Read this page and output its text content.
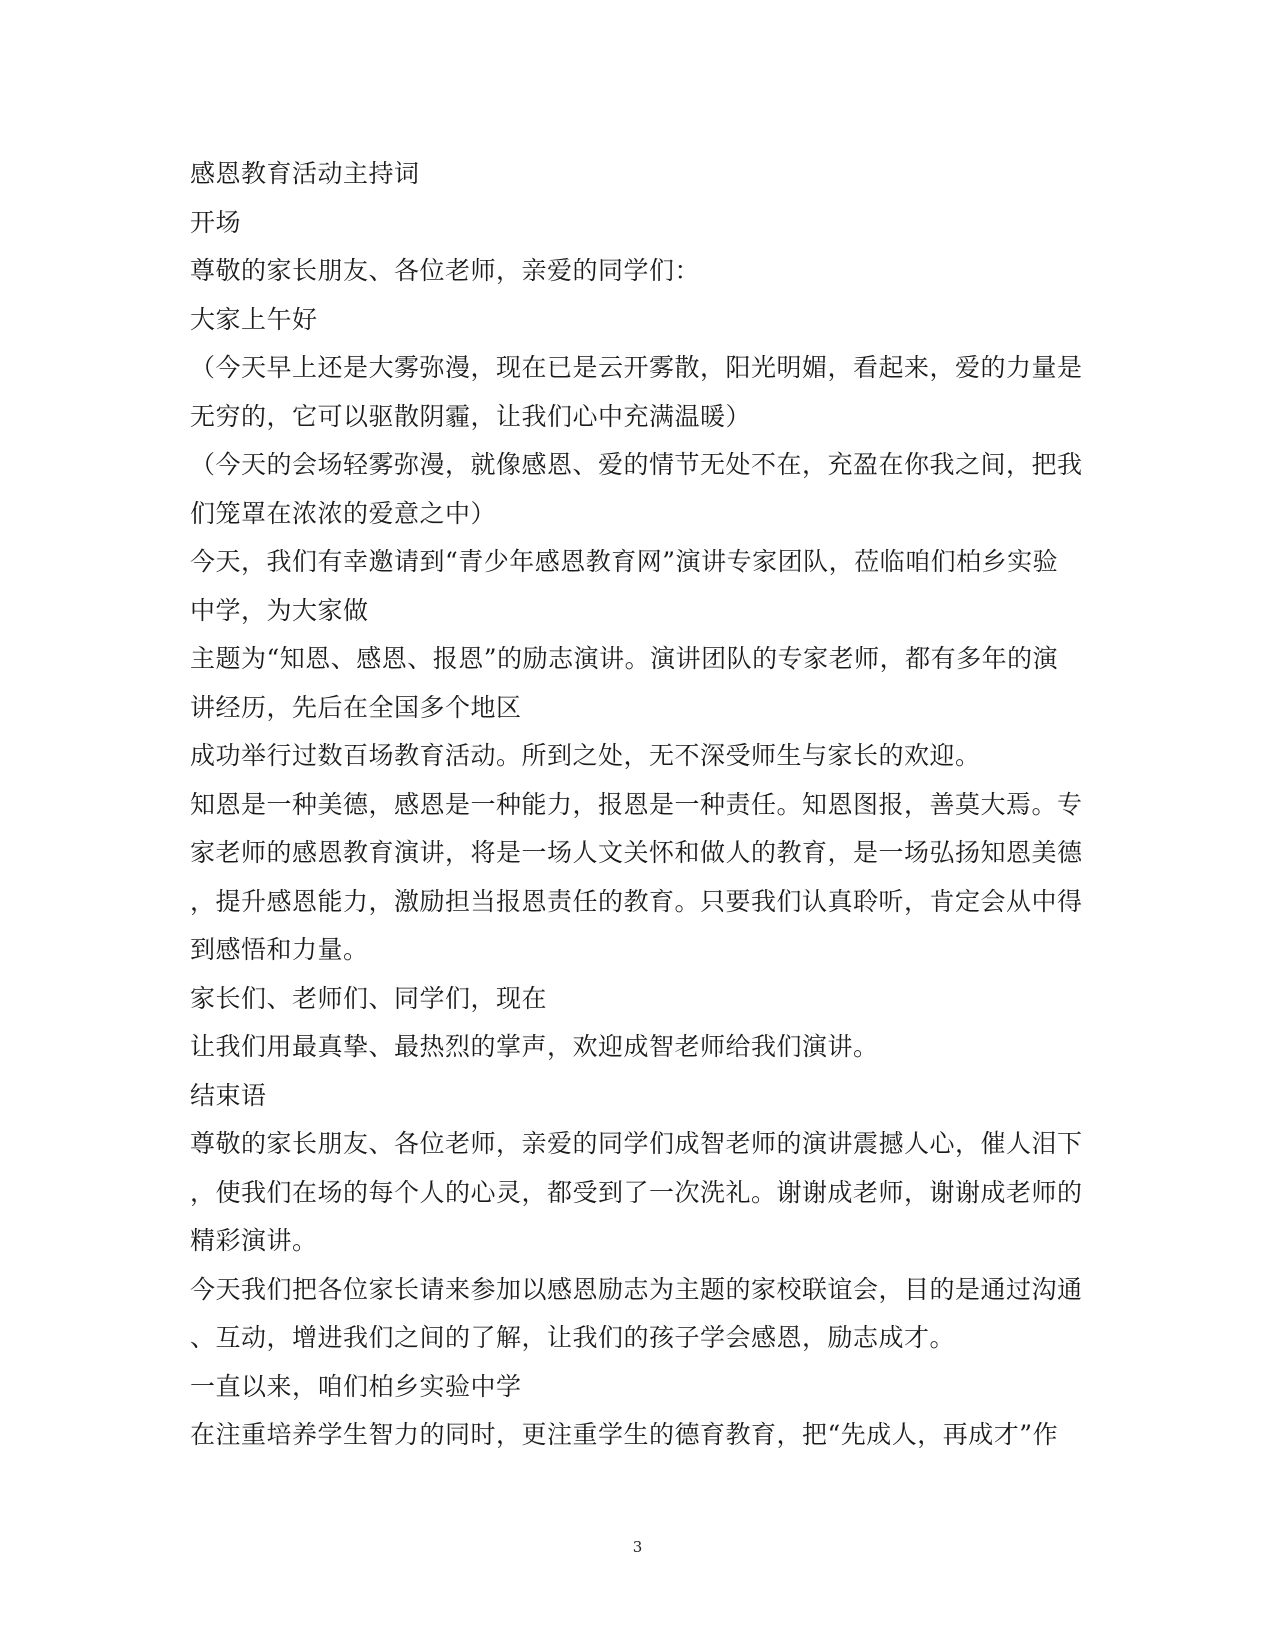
感恩教育活动主持词
开场
尊敬的家长朋友、各位老师，亲爱的同学们：
大家上午好
（今天早上还是大雾弥漫，现在已是云开雾散，阳光明媚，看起来，爱的力量是
无穷的，它可以驱散阴霾，让我们心中充满温暖）
（今天的会场轻雾弥漫，就像感恩、爱的情节无处不在，充盈在你我之间，把我
们笼罩在浓浓的爱意之中）
今天，我们有幸邀请到“青少年感恩教育网”演讲专家团队，莅临咱们柏乡实验
中学，为大家做
主题为“知恩、感恩、报恩”的励志演讲。演讲团队的专家老师，都有多年的演
讲经历，先后在全国多个地区
成功举行过数百场教育活动。所到之处，无不深受师生与家长的欢迎。
知恩是一种美德，感恩是一种能力，报恩是一种责任。知恩图报，善莫大焉。专
家老师的感恩教育演讲，将是一场人文关怀和做人的教育，是一场弘扬知恩美德
，提升感恩能力，激励担当报恩责任的教育。只要我们认真聆听，肯定会从中得
到感悟和力量。
家长们、老师们、同学们，现在
让我们用最真挚、最热烈的掌声，欢迎成智老师给我们演讲。
结束语
尊敬的家长朋友、各位老师，亲爱的同学们成智老师的演讲震撼人心，催人泪下
，使我们在场的每个人的心灵，都受到了一次洗礼。谢谢成老师，谢谢成老师的
精彩演讲。
今天我们把各位家长请来参加以感恩励志为主题的家校联谊会，目的是通过沟通
、互动，增进我们之间的了解，让我们的孩子学会感恩，励志成才。
一直以来，咱们柏乡实验中学
在注重培养学生智力的同时，更注重学生的德育教育，把“先成人，再成才”作
3
